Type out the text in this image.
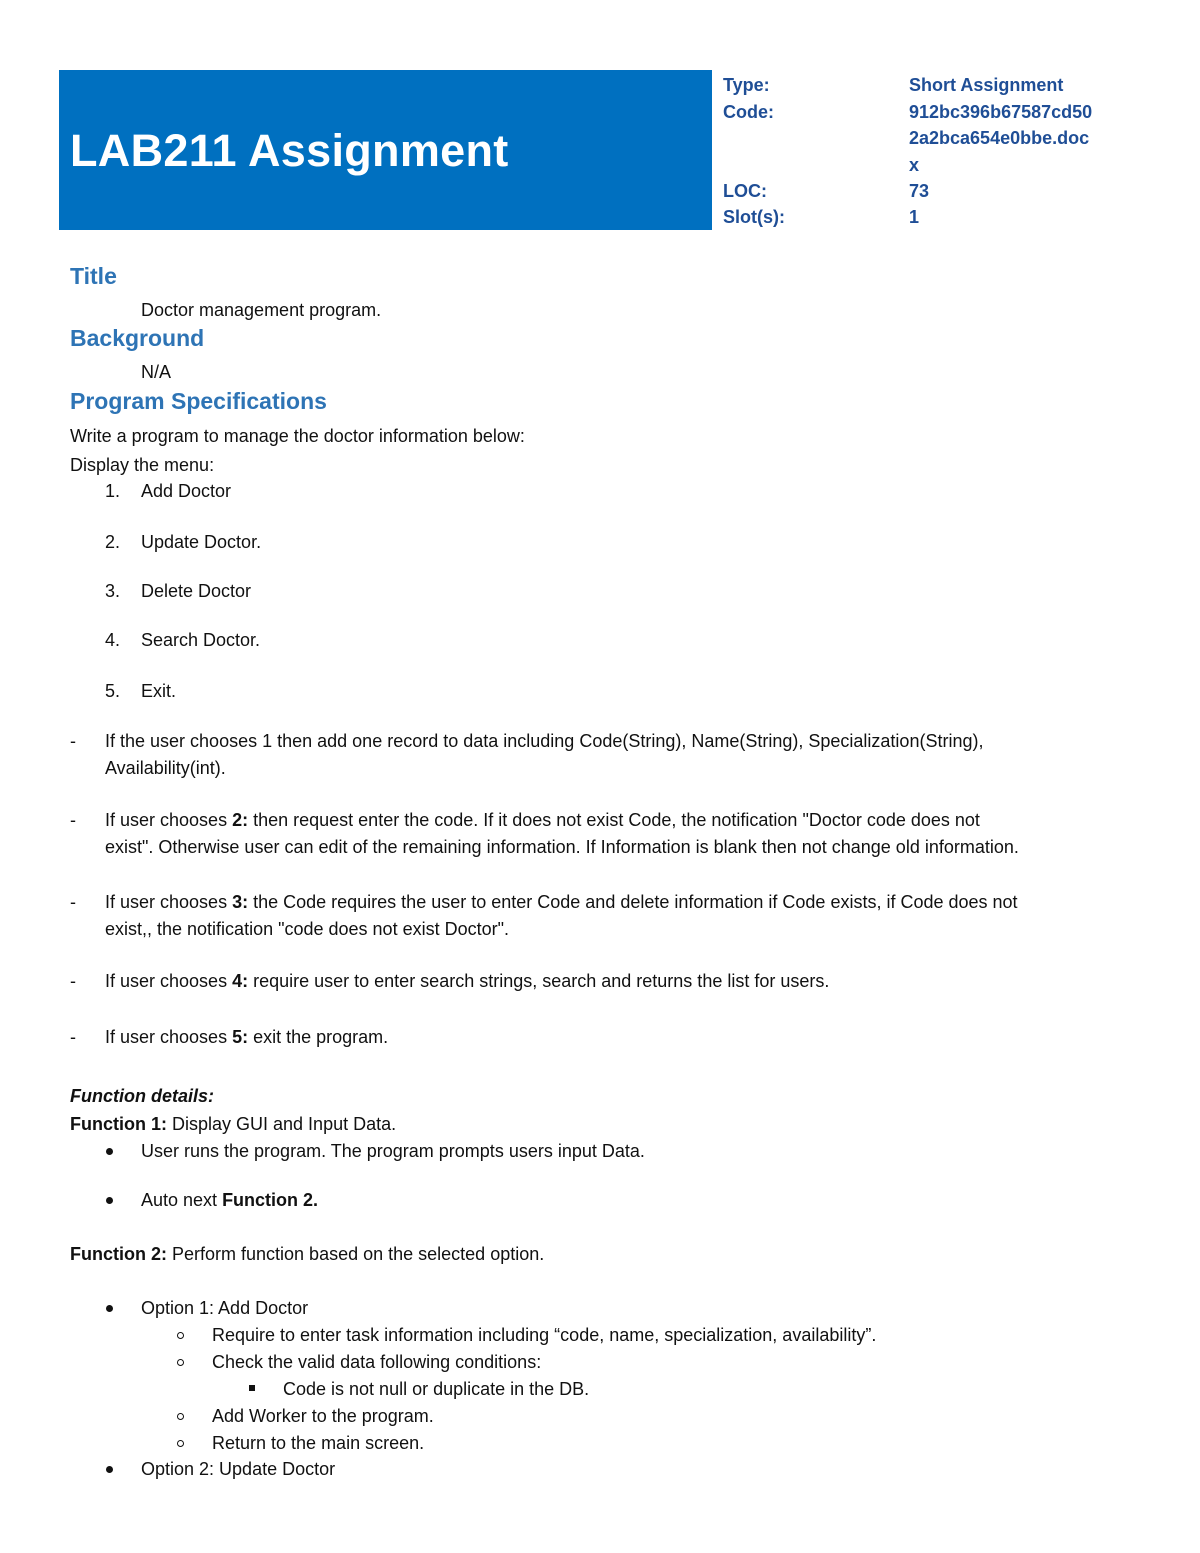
LAB211 Assignment
Type:	Short Assignment
Code:	912bc396b67587cd50
2a2bca654e0bbe.doc
x
LOC:	73
Slot(s):	1
Title
Doctor management program.
Background
N/A
Program Specifications
Write a program to manage the doctor information below:
Display the menu:
1. Add Doctor
2. Update Doctor.
3. Delete Doctor
4. Search Doctor.
5. Exit.
- If the user chooses 1 then add one record to data including Code(String), Name(String), Specialization(String),
Availability(int).
- If user chooses 2: then request enter the code. If it does not exist Code, the notification "Doctor code does not
exist". Otherwise user can edit of the remaining information. If Information is blank then not change old information.
- If user chooses 3: the Code requires the user to enter Code and delete information if Code exists, if Code does not
exist,, the notification "code does not exist Doctor".
- If user chooses 4: require user to enter search strings, search and returns the list for users.
- If user chooses 5: exit the program.
Function details:
Function 1: Display GUI and Input Data.
User runs the program. The program prompts users input Data.
Auto next Function 2.
Function 2: Perform function based on the selected option.
Option 1: Add Doctor
Require to enter task information including “code, name, specialization, availability”.
Check the valid data following conditions:
Code is not null or duplicate in the DB.
Add Worker to the program.
Return to the main screen.
Option 2: Update Doctor
